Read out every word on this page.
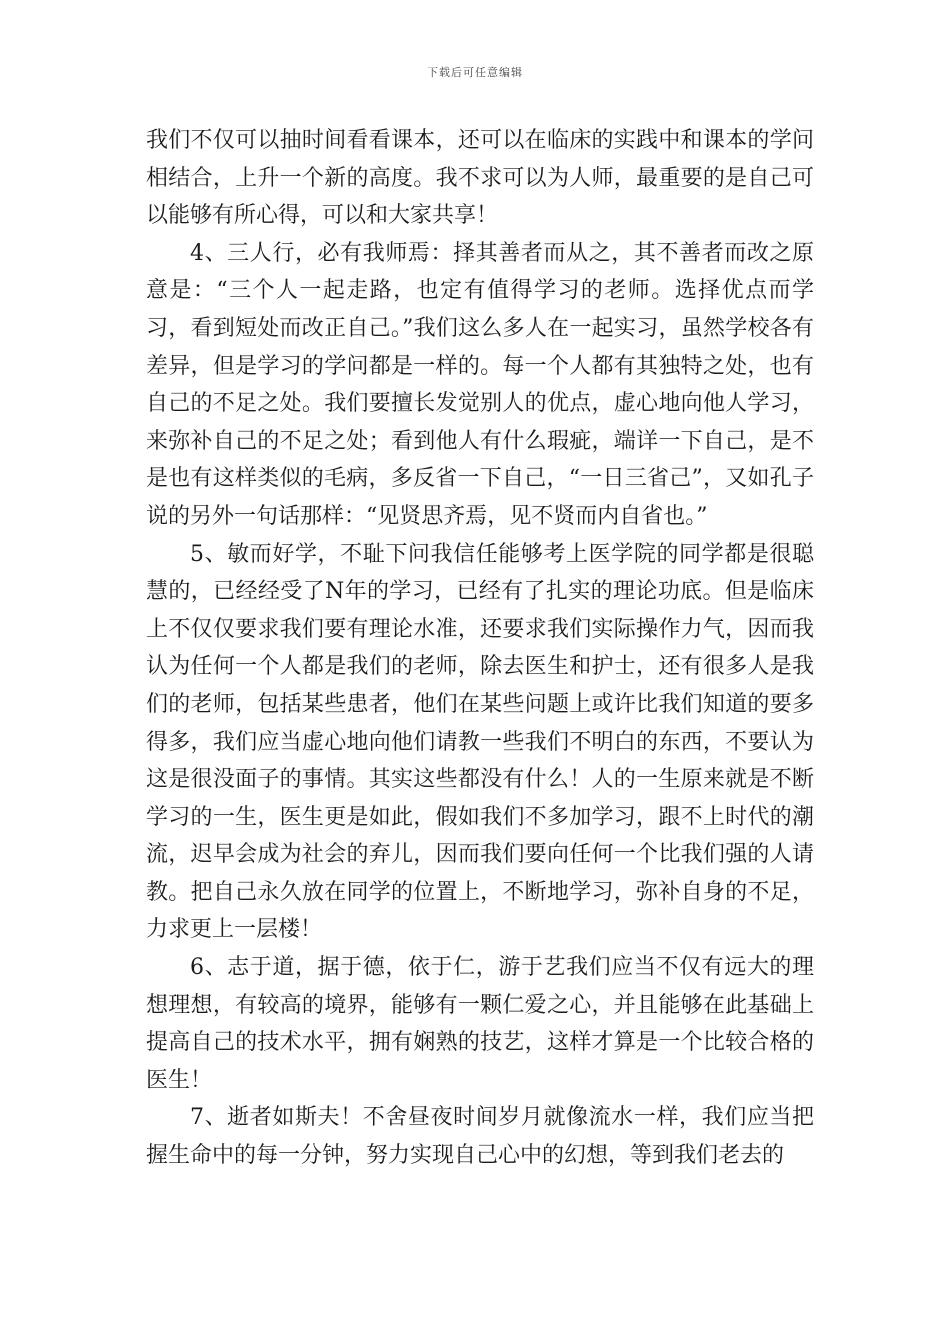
下载后可任意编辑

我们不仅可以抽时间看看课本，还可以在临床的实践中和课本的学问相结合，上升一个新的高度。我不求可以为人师，最重要的是自己可以能够有所心得，可以和大家共享！

4、三人行，必有我师焉：择其善者而从之，其不善者而改之原意是：“三个人一起走路，也定有值得学习的老师。选择优点而学习，看到短处而改正自己。”我们这么多人在一起实习，虽然学校各有差异，但是学习的学问都是一样的。每一个人都有其独特之处，也有自己的不足之处。我们要擅长发觉别人的优点，虚心地向他人学习，来弥补自己的不足之处；看到他人有什么瑕疵，端详一下自己，是不是也有这样类似的毛病，多反省一下自己，“一日三省己”，又如孔子说的另外一句话那样：“见贤思齐焉，见不贤而内自省也。”

5、敏而好学，不耻下问我信任能够考上医学院的同学都是很聪慧的，已经经受了N年的学习，已经有了扎实的理论功底。但是临床上不仅仅要求我们要有理论水准，还要求我们实际操作力气，因而我认为任何一个人都是我们的老师，除去医生和护士，还有很多人是我们的老师，包括某些患者，他们在某些问题上或许比我们知道的要多得多，我们应当虚心地向他们请教一些我们不明白的东西，不要认为这是很没面子的事情。其实这些都没有什么！人的一生原来就是不断学习的一生，医生更是如此，假如我们不多加学习，跟不上时代的潮流，迟早会成为社会的弃儿，因而我们要向任何一个比我们强的人请教。把自己永久放在同学的位置上，不断地学习，弥补自身的不足，力求更上一层楼！

6、志于道，据于德，依于仁，游于艺我们应当不仅有远大的理想理想，有较高的境界，能够有一颗仁爱之心，并且能够在此基础上提高自己的技术水平，拥有娴熟的技艺，这样才算是一个比较合格的医生！

7、逝者如斯夫！不舍昼夜时间岁月就像流水一样，我们应当把握生命中的每一分钟，努力实现自己心中的幻想，等到我们老去的
